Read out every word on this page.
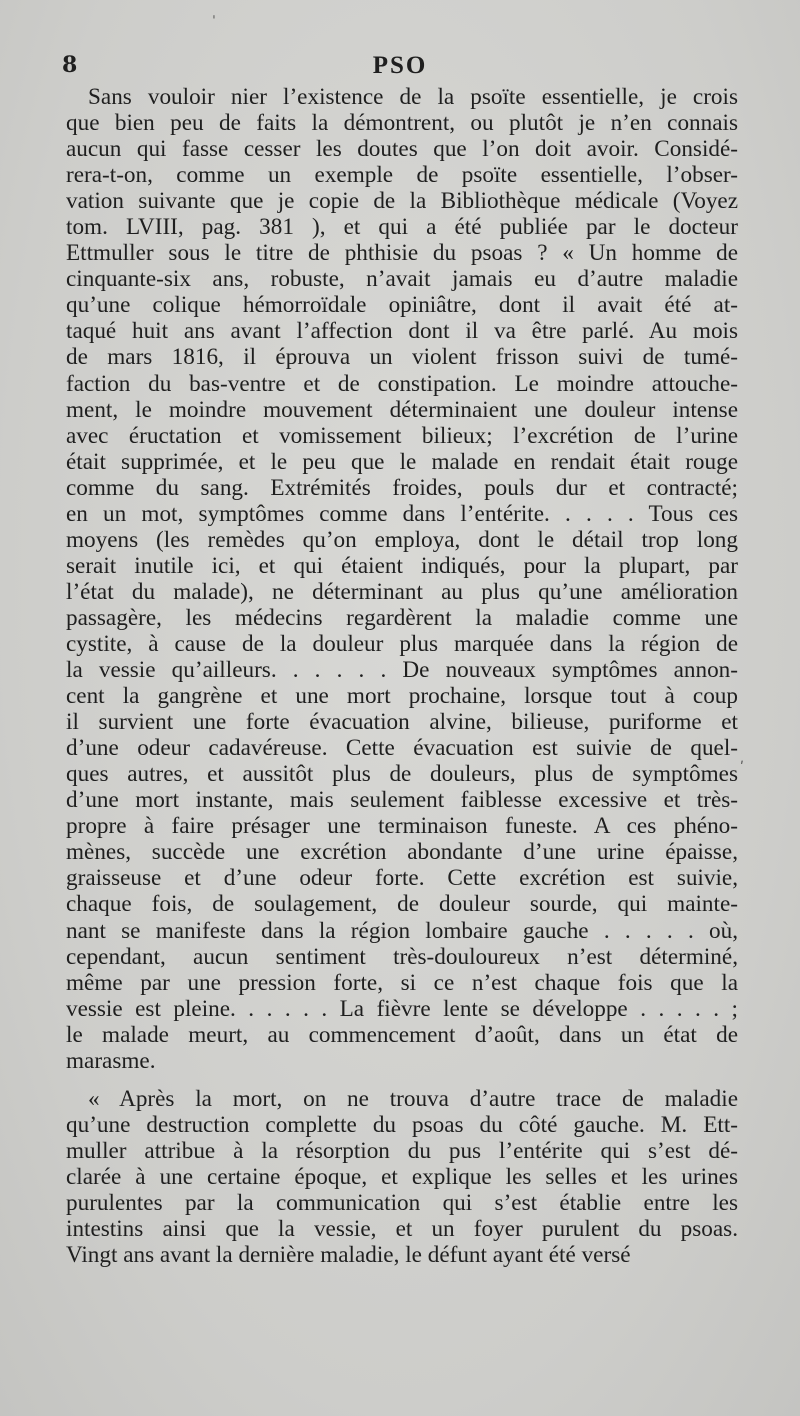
8	PSO
Sans vouloir nier l’existence de la psoïte essentielle, je crois
que bien peu de faits la démontrent, ou plutôt je n’en connais
aucun qui fasse cesser les doutes que l’on doit avoir. Considé-
rera-t-on, comme un exemple de psoïte essentielle, l’obser-
vation suivante que je copie de la Bibliothèque médicale (Voyez
tom. LVIII, pag. 381 ), et qui a été publiée par le docteur
Ettmuller sous le titre de phthisie du psoas ? « Un homme de
cinquante-six ans, robuste, n’avait jamais eu d’autre maladie
qu’une colique hémorroïdale opiniâtre, dont il avait été at-
taqué huit ans avant l’affection dont il va être parlé. Au mois
de mars 1816, il éprouva un violent frisson suivi de tumé-
faction du bas-ventre et de constipation. Le moindre attouche-
ment, le moindre mouvement déterminaient une douleur intense
avec éructation et vomissement bilieux; l’excrétion de l’urine
était supprimée, et le peu que le malade en rendait était rouge
comme du sang. Extrémités froides, pouls dur et contracté;
en un mot, symptômes comme dans l’entérite. . . . . Tous ces
moyens (les remèdes qu’on employa, dont le détail trop long
serait inutile ici, et qui étaient indiqués, pour la plupart, par
l’état du malade), ne déterminant au plus qu’une amélioration
passagère, les médecins regardèrent la maladie comme une
cystite, à cause de la douleur plus marquée dans la région de
la vessie qu’ailleurs. . . . . . De nouveaux symptômes annon-
cent la gangrène et une mort prochaine, lorsque tout à coup
il survient une forte évacuation alvine, bilieuse, puriforme et
d’une odeur cadavéreuse. Cette évacuation est suivie de quel-
ques autres, et aussitôt plus de douleurs, plus de symptômes
d’une mort instante, mais seulement faiblesse excessive et très-
propre à faire présager une terminaison funeste. A ces phéno-
mènes, succède une excrétion abondante d’une urine épaisse,
graisseuse et d’une odeur forte. Cette excrétion est suivie,
chaque fois, de soulagement, de douleur sourde, qui mainte-
nant se manifeste dans la région lombaire gauche . . . . . où,
cependant, aucun sentiment très-douloureux n’est déterminé,
même par une pression forte, si ce n’est chaque fois que la
vessie est pleine. . . . . . La fièvre lente se développe . . . . . ;
le malade meurt, au commencement d’août, dans un état de
marasme.
« Après la mort, on ne trouva d’autre trace de maladie
qu’une destruction complette du psoas du côté gauche. M. Ett-
muller attribue à la résorption du pus l’entérite qui s’est dé-
clarée à une certaine époque, et explique les selles et les urines
purulentes par la communication qui s’est établie entre les
intestins ainsi que la vessie, et un foyer purulent du psoas.
Vingt ans avant la dernière maladie, le défunt ayant été versé
ʹ
ˈ
